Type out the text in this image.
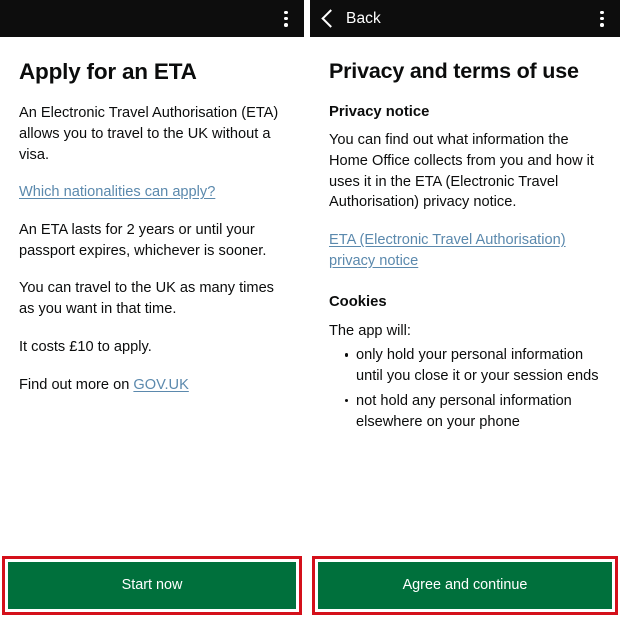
Apply for an ETA

An Electronic Travel Authorisation (ETA) allows you to travel to the UK without a visa.

Which nationalities can apply?

An ETA lasts for 2 years or until your passport expires, whichever is sooner.

You can travel to the UK as many times as you want in that time.

It costs £10 to apply.

Find out more on GOV.UK

Start now
Back
Privacy and terms of use
Privacy notice

You can find out what information the Home Office collects from you and how it uses it in the ETA (Electronic Travel Authorisation) privacy notice.

ETA (Electronic Travel Authorisation) privacy notice

Cookies

The app will:

only hold your personal information until you close it or your session ends
not hold any personal information elsewhere on your phone
Agree and continue
